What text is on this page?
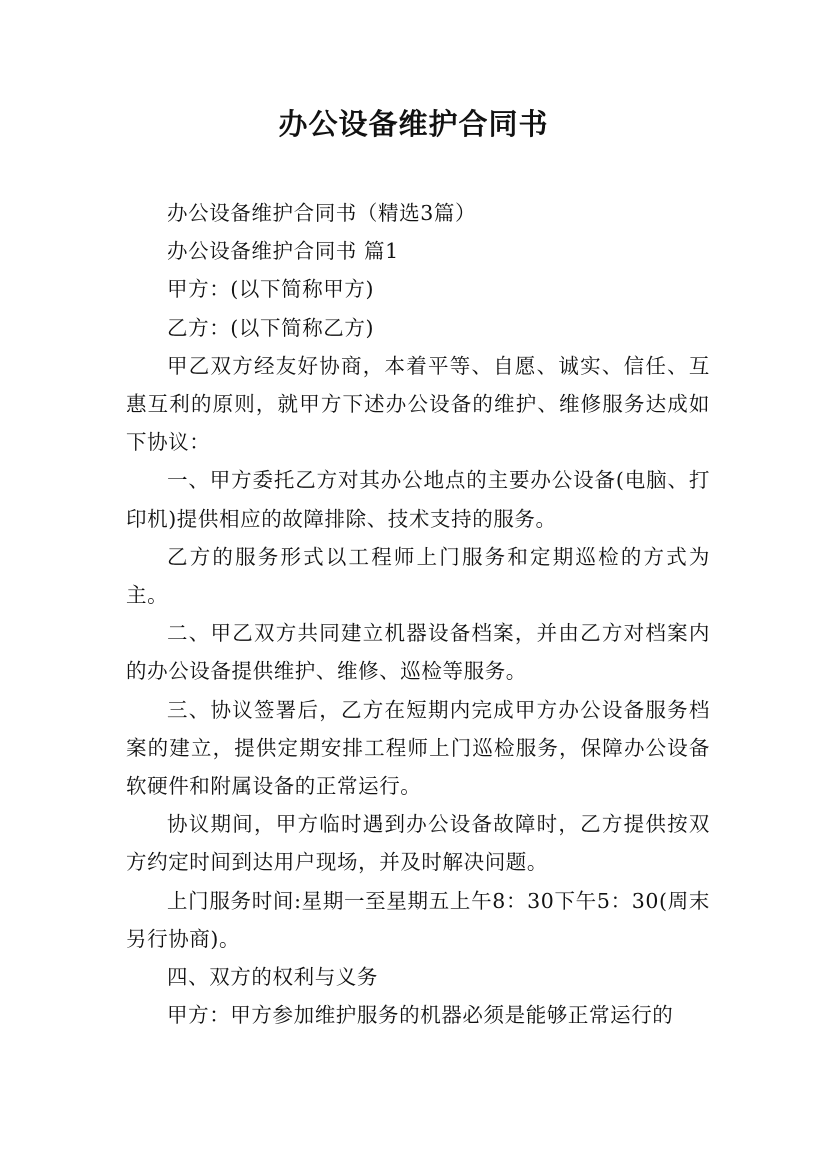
办公设备维护合同书

办公设备维护合同书（精选3篇）

办公设备维护合同书 篇1

甲方：(以下简称甲方)

乙方：(以下简称乙方)

甲乙双方经友好协商，本着平等、自愿、诚实、信任、互惠互利的原则，就甲方下述办公设备的维护、维修服务达成如下协议：

一、甲方委托乙方对其办公地点的主要办公设备(电脑、打印机)提供相应的故障排除、技术支持的服务。

乙方的服务形式以工程师上门服务和定期巡检的方式为主。

二、甲乙双方共同建立机器设备档案，并由乙方对档案内的办公设备提供维护、维修、巡检等服务。

三、协议签署后，乙方在短期内完成甲方办公设备服务档案的建立，提供定期安排工程师上门巡检服务，保障办公设备软硬件和附属设备的正常运行。

协议期间，甲方临时遇到办公设备故障时，乙方提供按双方约定时间到达用户现场，并及时解决问题。

上门服务时间:星期一至星期五上午8：30下午5：30(周末另行协商)。

四、双方的权利与义务

甲方：甲方参加维护服务的机器必须是能够正常运行的
